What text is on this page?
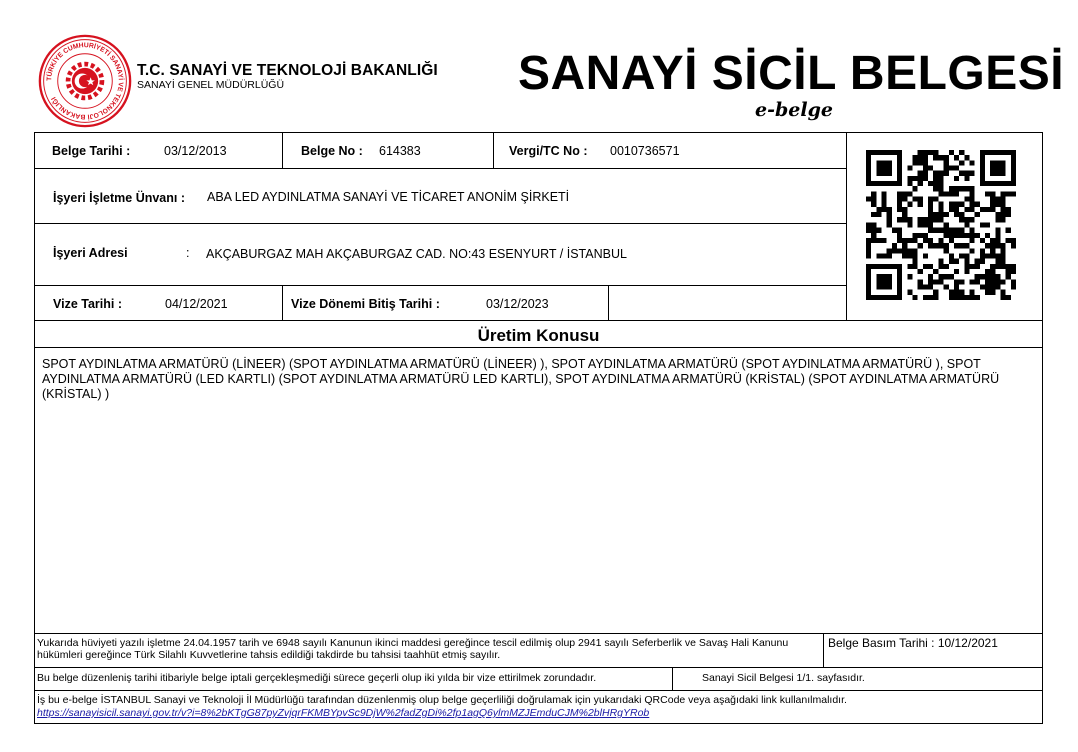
TÜRKİYE CUMHURİYETİ SANAYİ VE TEKNOLOJİ BAKANLIĞI
T.C. SANAYİ VE TEKNOLOJİ BAKANLIĞI
SANAYİ GENEL MÜDÜRLÜĞÜ	SANAYİ SİCİL BELGESİ
e-belge
Belge Tarihi :	03/12/2013	Belge No : 614383	Vergi/TC No : 0010736571
İşyeri İşletme Ünvanı : ABA LED AYDINLATMA SANAYİ VE TİCARET ANONİM ŞİRKETİ
İşyeri Adresi	: AKÇABURGAZ MAH AKÇABURGAZ CAD. NO:43 ESENYURT / İSTANBUL
Vize Tarihi :	04/12/2021	Vize Dönemi Bitiş Tarihi :	03/12/2023
Üretim Konusu
SPOT AYDINLATMA ARMATÜRÜ (LİNEER) (SPOT AYDINLATMA ARMATÜRÜ (LİNEER) ), SPOT AYDINLATMA ARMATÜRÜ (SPOT AYDINLATMA ARMATÜRÜ ), SPOT AYDINLATMA ARMATÜRÜ (LED KARTLI) (SPOT AYDINLATMA ARMATÜRÜ LED KARTLI), SPOT AYDINLATMA ARMATÜRÜ (KRİSTAL) (SPOT AYDINLATMA ARMATÜRÜ (KRİSTAL) )
Yukarıda hüviyeti yazılı işletme 24.04.1957 tarih ve 6948 sayılı Kanunun ikinci maddesi gereğince tescil edilmiş olup 2941 sayılı Seferberlik ve Savaş Hali Kanunu hükümleri gereğince Türk Silahlı Kuvvetlerine tahsis edildiği takdirde bu tahsisi taahhüt etmiş sayılır.
Belge Basım Tarihi : 10/12/2021
Bu belge düzenleniş tarihi itibariyle belge iptali gerçekleşmediği sürece geçerli olup iki yılda bir vize ettirilmek zorundadır.	Sanayi Sicil Belgesi 1/1. sayfasıdır.
İş bu e-belge İSTANBUL Sanayi ve Teknoloji İl Müdürlüğü tarafından düzenlenmiş olup belge geçerliliği doğrulamak için yukarıdaki QRCode veya aşağıdaki link kullanılmalıdır.
https://sanayisicil.sanayi.gov.tr/v?i=8%2bKTgG87pyZvjqrFKMBYpvSc9DjW%2fadZgDi%2fp1agQ6ylmMZJEmduCJM%2blHRgYRob
